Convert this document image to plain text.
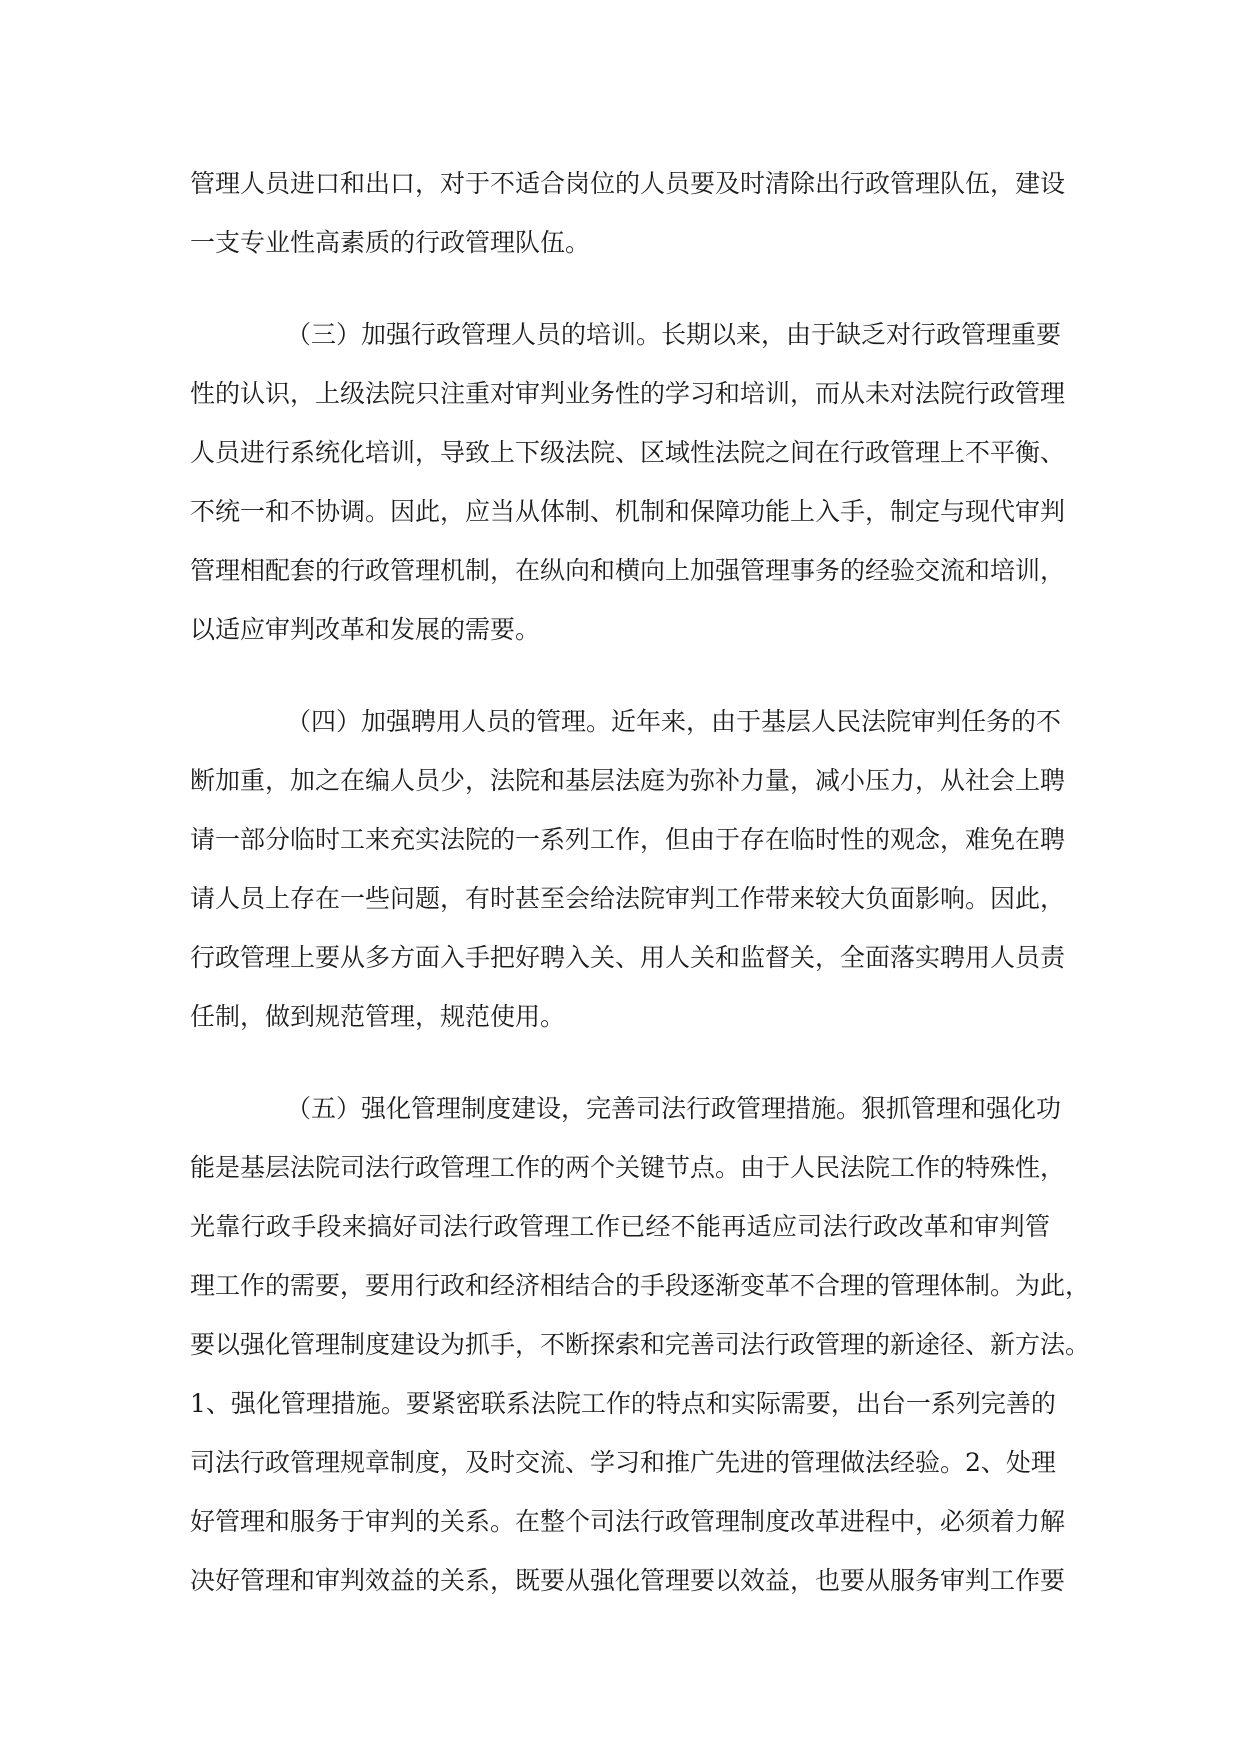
管理人员进口和出口，对于不适合岗位的人员要及时清除出行政管理队伍，建设
一支专业性高素质的行政管理队伍。
（三）加强行政管理人员的培训。长期以来，由于缺乏对行政管理重要
性的认识，上级法院只注重对审判业务性的学习和培训，而从未对法院行政管理
人员进行系统化培训，导致上下级法院、区域性法院之间在行政管理上不平衡、
不统一和不协调。因此，应当从体制、机制和保障功能上入手，制定与现代审判
管理相配套的行政管理机制，在纵向和横向上加强管理事务的经验交流和培训，
以适应审判改革和发展的需要。
（四）加强聘用人员的管理。近年来，由于基层人民法院审判任务的不
断加重，加之在编人员少，法院和基层法庭为弥补力量，减小压力，从社会上聘
请一部分临时工来充实法院的一系列工作，但由于存在临时性的观念，难免在聘
请人员上存在一些问题，有时甚至会给法院审判工作带来较大负面影响。因此，
行政管理上要从多方面入手把好聘入关、用人关和监督关，全面落实聘用人员责
任制，做到规范管理，规范使用。
（五）强化管理制度建设，完善司法行政管理措施。狠抓管理和强化功
能是基层法院司法行政管理工作的两个关键节点。由于人民法院工作的特殊性，
光靠行政手段来搞好司法行政管理工作已经不能再适应司法行政改革和审判管
理工作的需要，要用行政和经济相结合的手段逐渐变革不合理的管理体制。为此，
要以强化管理制度建设为抓手，不断探索和完善司法行政管理的新途径、新方法。
1、强化管理措施。要紧密联系法院工作的特点和实际需要，出台一系列完善的
司法行政管理规章制度，及时交流、学习和推广先进的管理做法经验。2、处理
好管理和服务于审判的关系。在整个司法行政管理制度改革进程中，必须着力解
决好管理和审判效益的关系，既要从强化管理要以效益，也要从服务审判工作要
